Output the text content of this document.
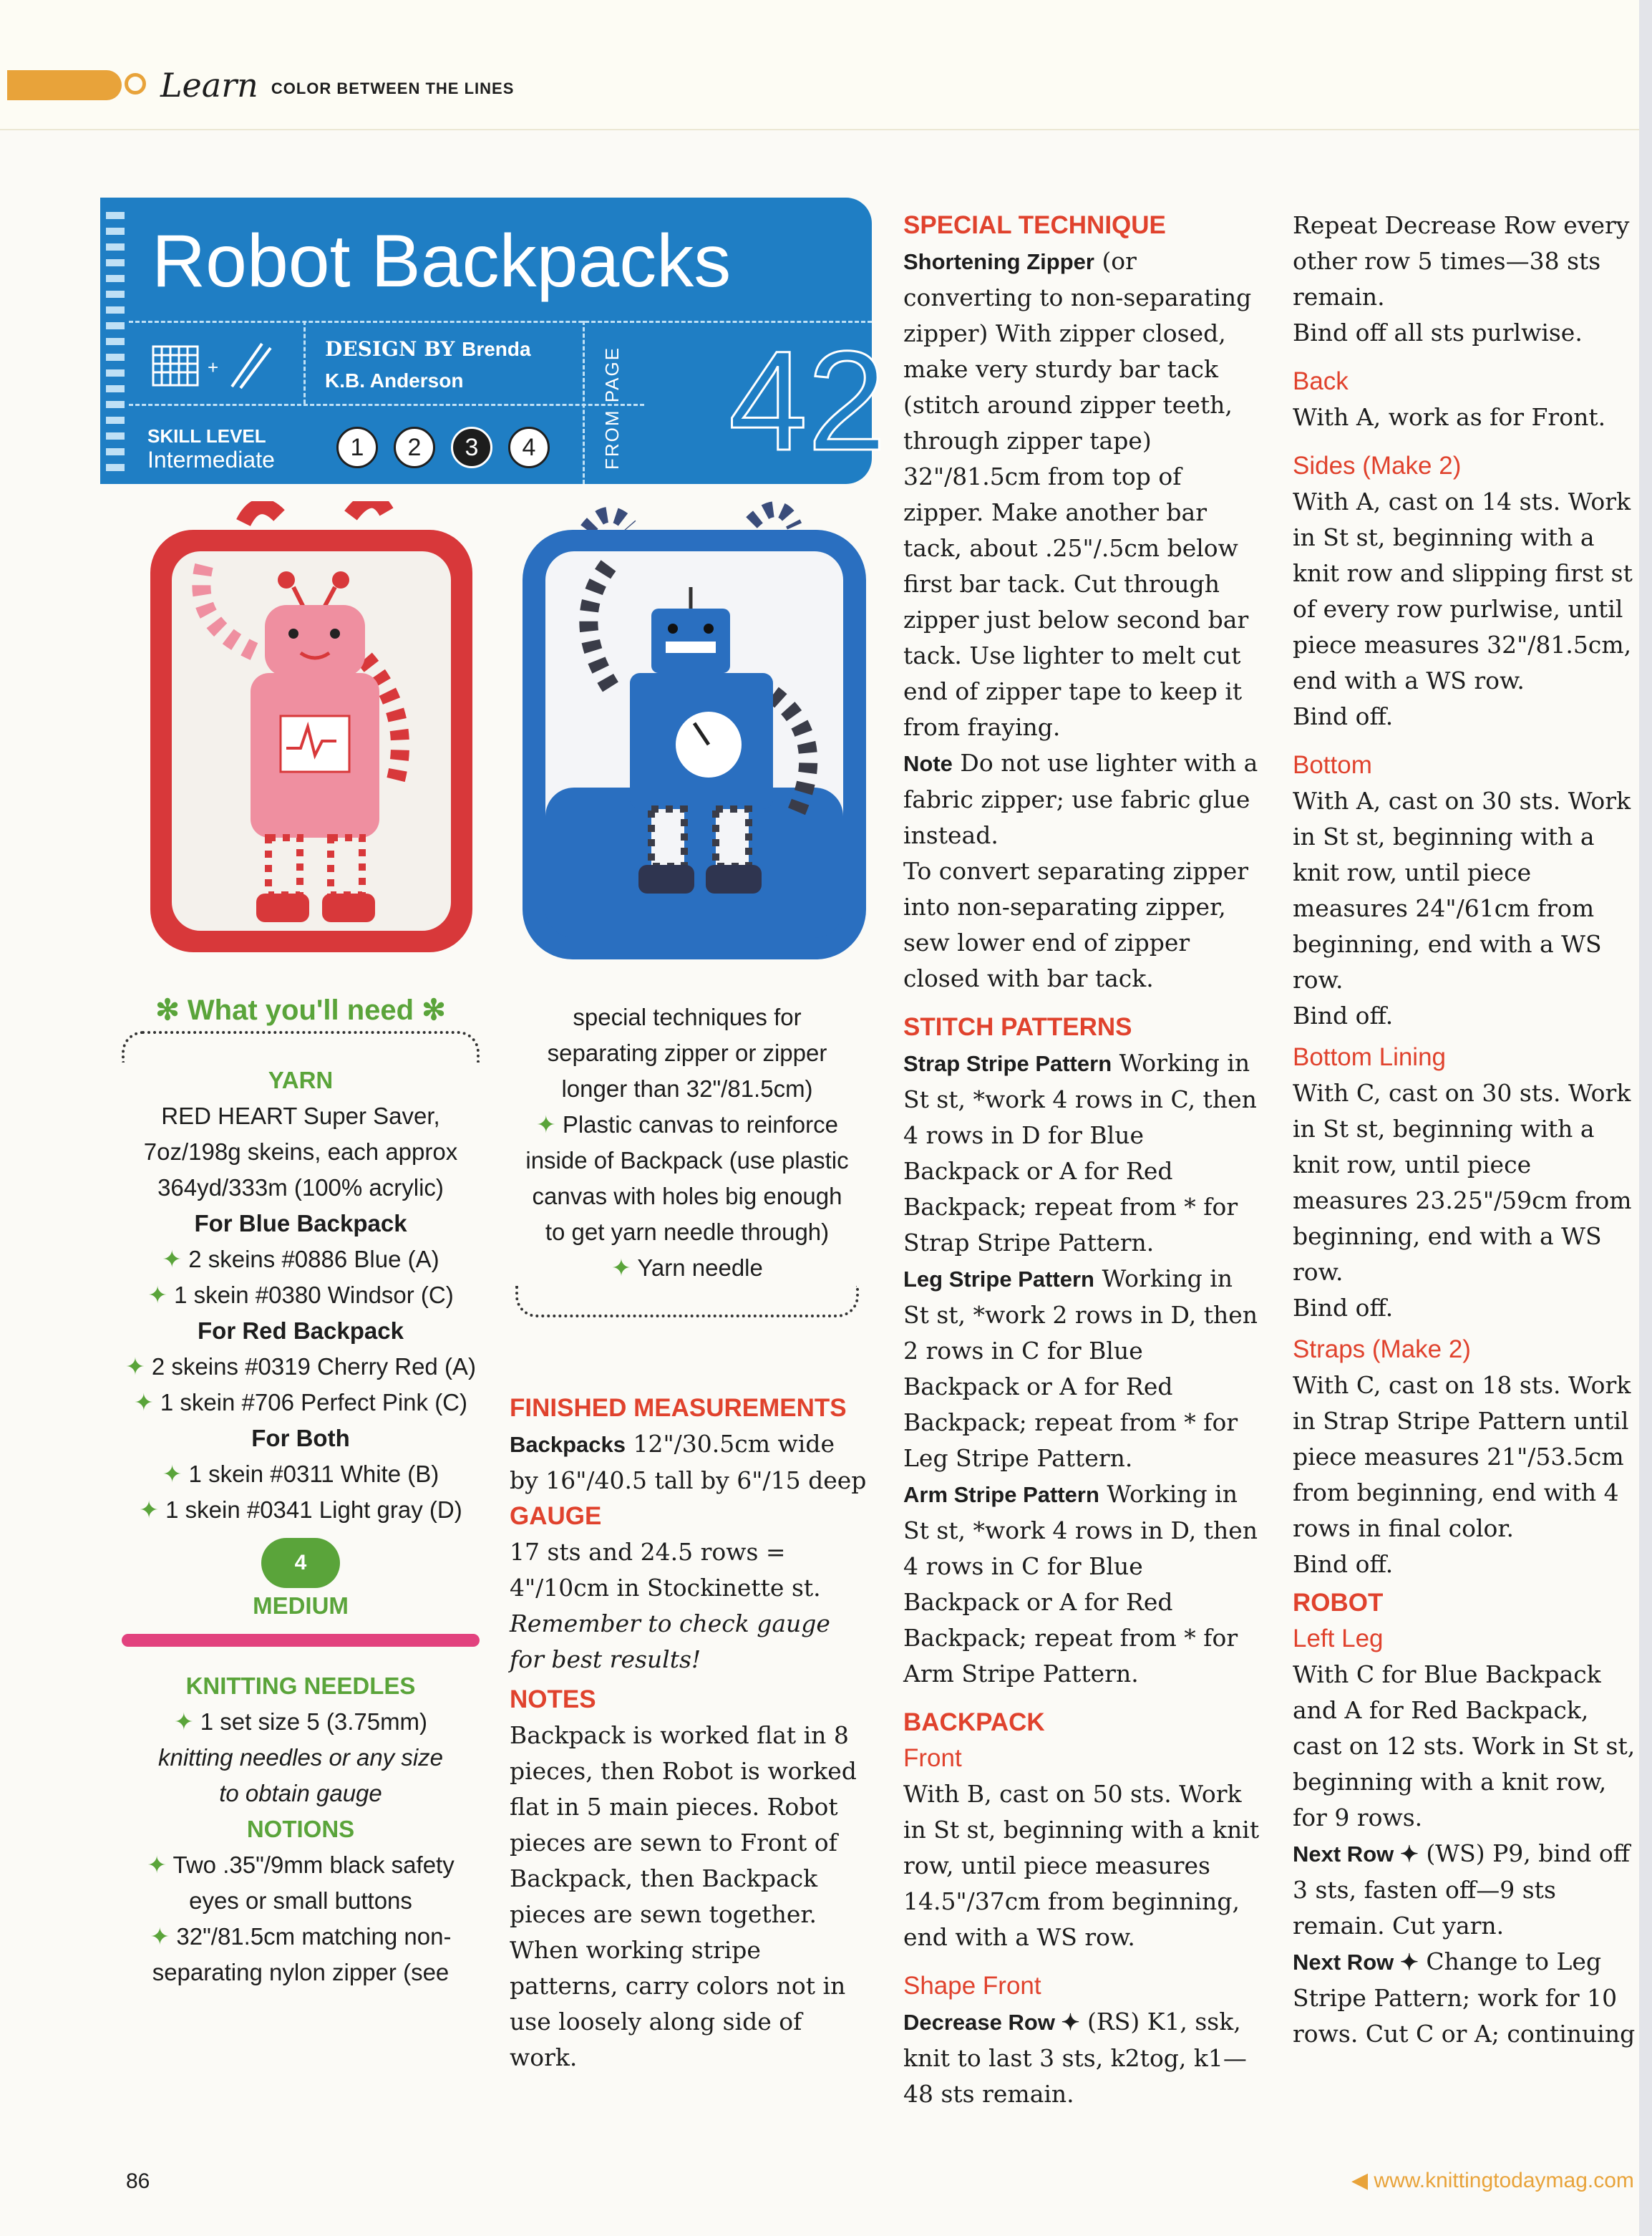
Learn COLOR BETWEEN THE LINES
Robot Backpacks
+
DESIGN BY Brenda
K.B. Anderson
SKILL LEVEL
Intermediate	1	2	3	4	FROM PAGE 42
✻ What you'll need ✻
YARN
RED HEART Super Saver,
7oz/198g skeins, each approx
364yd/333m (100% acrylic)
For Blue Backpack
✦ 2 skeins #0886 Blue (A)
✦ 1 skein #0380 Windsor (C)
For Red Backpack
✦ 2 skeins #0319 Cherry Red (A)
✦ 1 skein #706 Perfect Pink (C)
For Both
✦ 1 skein #0311 White (B)
✦ 1 skein #0341 Light gray (D)
4
MEDIUM
KNITTING NEEDLES
✦ 1 set size 5 (3.75mm)
knitting needles or any size
to obtain gauge
NOTIONS
✦ Two .35"/9mm black safety
eyes or small buttons
✦ 32"/81.5cm matching non-
separating nylon zipper (see
special techniques for
separating zipper or zipper
longer than 32"/81.5cm)
✦ Plastic canvas to reinforce
inside of Backpack (use plastic
canvas with holes big enough
to get yarn needle through)
✦ Yarn needle

FINISHED MEASUREMENTS

Backpacks 12"/30.5cm wide by 16"/40.5 tall by 6"/15 deep

GAUGE

17 sts and 24.5 rows = 4"/10cm in Stockinette st.

Remember to check gauge for best results!

NOTES

Backpack is worked flat in 8 pieces, then Robot is worked flat in 5 main pieces. Robot pieces are sewn to Front of Backpack, then Backpack pieces are sewn together. When working stripe patterns, carry colors not in use loosely along side of work.

SPECIAL TECHNIQUE

Shortening Zipper (or converting to non-separating zipper) With zipper closed, make very sturdy bar tack (stitch around zipper teeth, through zipper tape) 32"/81.5cm from top of zipper. Make another bar tack, about .25"/.5cm below first bar tack. Cut through zipper just below second bar tack. Use lighter to melt cut end of zipper tape to keep it from fraying.

Note Do not use lighter with a fabric zipper; use fabric glue instead.

To convert separating zipper into non-separating zipper, sew lower end of zipper closed with bar tack.

STITCH PATTERNS

Strap Stripe Pattern Working in St st, *work 4 rows in C, then 4 rows in D for Blue Backpack or A for Red Backpack; repeat from * for Strap Stripe Pattern.

Leg Stripe Pattern Working in St st, *work 2 rows in D, then 2 rows in C for Blue Backpack or A for Red Backpack; repeat from * for Leg Stripe Pattern.

Arm Stripe Pattern Working in St st, *work 4 rows in D, then 4 rows in C for Blue Backpack or A for Red Backpack; repeat from * for Arm Stripe Pattern.

BACKPACK

Front

With B, cast on 50 sts. Work in St st, beginning with a knit row, until piece measures 14.5"/37cm from beginning, end with a WS row.

Shape Front

Decrease Row ✦ (RS) K1, ssk, knit to last 3 sts, k2tog, k1—48 sts remain.

Repeat Decrease Row every other row 5 times—38 sts remain.

Bind off all sts purlwise.

Back

With A, work as for Front.

Sides (Make 2)

With A, cast on 14 sts. Work in St st, beginning with a knit row and slipping first st of every row purlwise, until piece measures 32"/81.5cm, end with a WS row.

Bind off.

Bottom

With A, cast on 30 sts. Work in St st, beginning with a knit row, until piece measures 24"/61cm from beginning, end with a WS row.

Bind off.

Bottom Lining

With C, cast on 30 sts. Work in St st, beginning with a knit row, until piece measures 23.25"/59cm from beginning, end with a WS row.

Bind off.

Straps (Make 2)

With C, cast on 18 sts. Work in Strap Stripe Pattern until piece measures 21"/53.5cm from beginning, end with 4 rows in final color.

Bind off.

ROBOT

Left Leg

With C for Blue Backpack and A for Red Backpack, cast on 12 sts. Work in St st, beginning with a knit row, for 9 rows.

Next Row ✦ (WS) P9, bind off 3 sts, fasten off—9 sts remain. Cut yarn.

Next Row ✦ Change to Leg Stripe Pattern; work for 10 rows. Cut C or A; continuing

86	◀ www.knittingtodaymag.com
